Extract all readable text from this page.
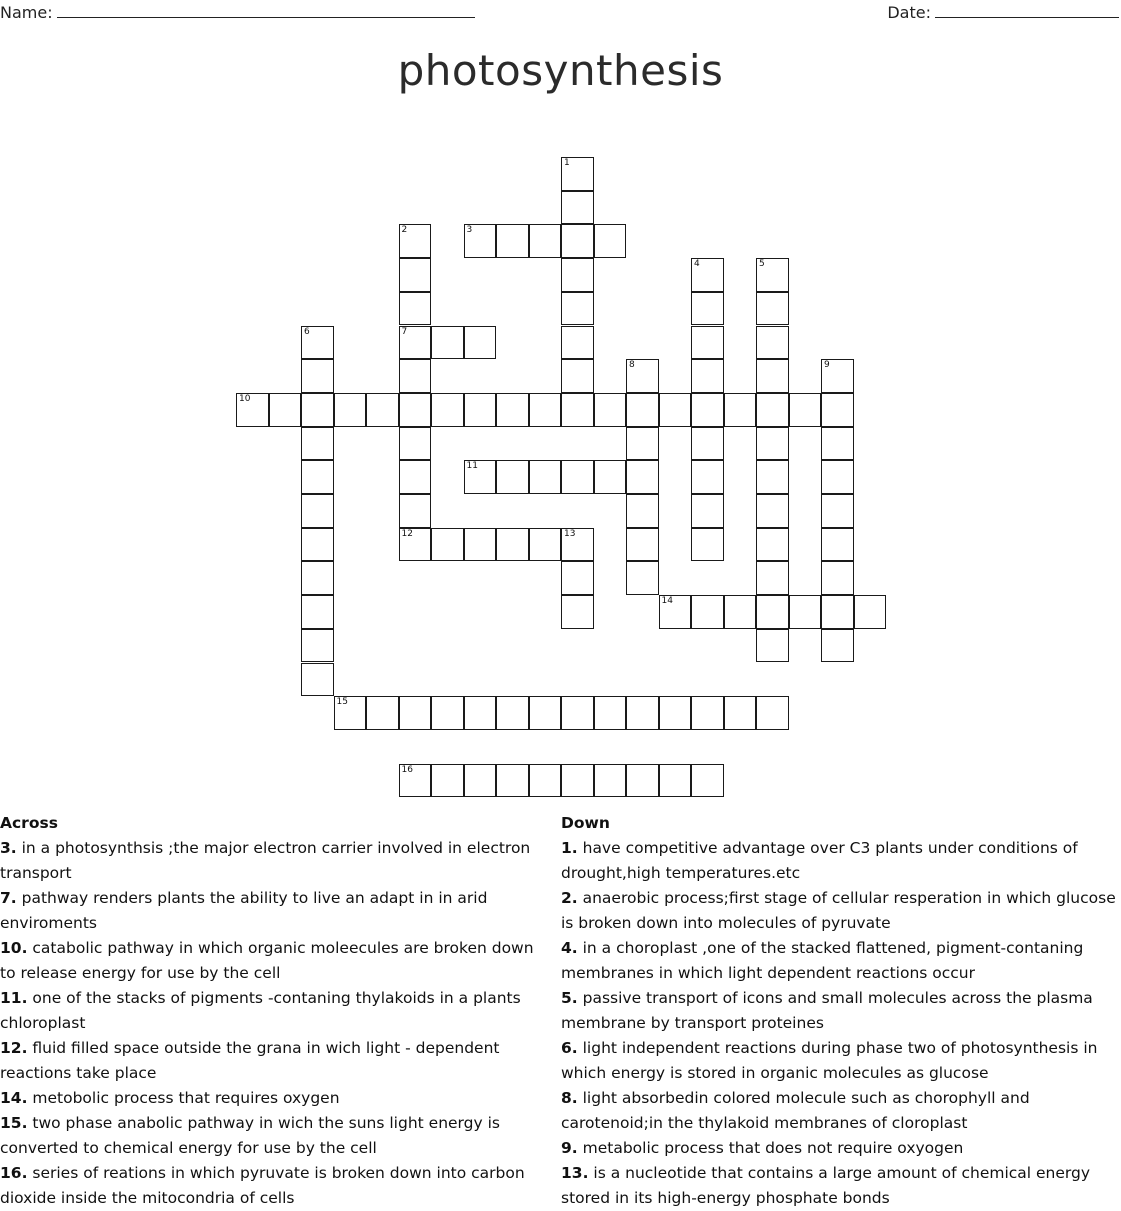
Name:	Date:
photosynthesis
1
2
7
12
3
4	5
6
8	9
10
11
13
14
15
16
Across
3. in a photosynthsis ;the major electron carrier involved in electron transport
7. pathway renders plants the ability to live an adapt in in arid enviroments
10. catabolic pathway in which organic moleecules are broken down to release energy for use by the cell
11. one of the stacks of pigments -contaning thylakoids in a plants chloroplast
12. fluid filled space outside the grana in wich light - dependent reactions take place
14. metobolic process that requires oxygen
15. two phase anabolic pathway in wich the suns light energy is converted to chemical energy for use by the cell
16. series of reations in which pyruvate is broken down into carbon dioxide inside the mitocondria of cells
Down
1. have competitive advantage over C3 plants under conditions of drought,high temperatures.etc
2. anaerobic process;first stage of cellular resperation in which glucose is broken down into molecules of pyruvate
4. in a choroplast ,one of the stacked flattened, pigment-contaning membranes in which light dependent reactions occur
5. passive transport of icons and small molecules across the plasma membrane by transport proteines
6. light independent reactions during phase two of photosynthesis in which energy is stored in organic molecules as glucose
8. light absorbedin colored molecule such as chorophyll and carotenoid;in the thylakoid membranes of cloroplast
9. metabolic process that does not require oxyogen
13. is a nucleotide that contains a large amount of chemical energy stored in its high-energy phosphate bonds
